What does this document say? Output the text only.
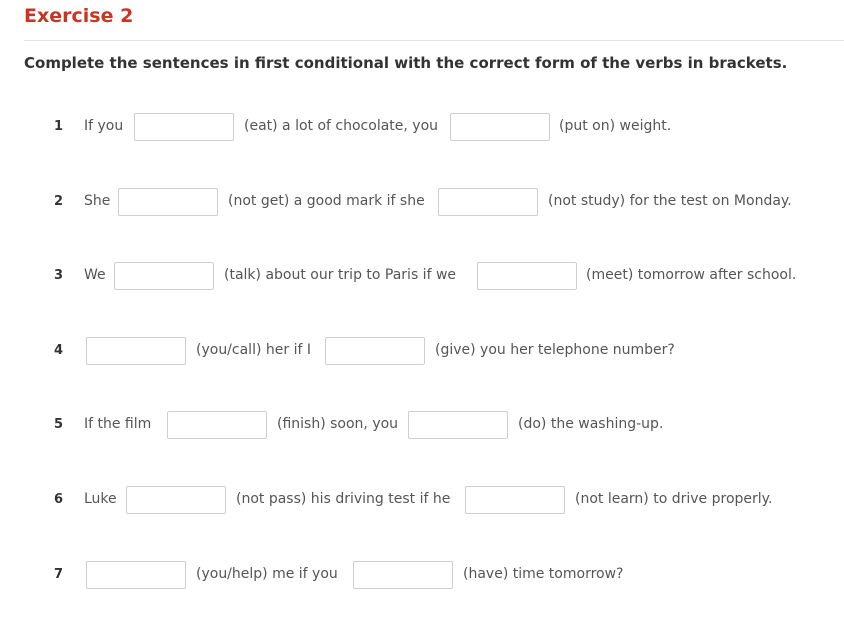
Exercise 2
Complete the sentences in first conditional with the correct form of the verbs in brackets.
1 If you	(eat) a lot of chocolate, you	(put on) weight.
2 She	(not get) a good mark if she	(not study) for the test on Monday.
3 We	(talk) about our trip to Paris if we	(meet) tomorrow after school.
4	(you/call) her if I	(give) you her telephone number?
5 If the film	(finish) soon, you	(do) the washing-up.
6 Luke	(not pass) his driving test if he	(not learn) to drive properly.
7	(you/help) me if you	(have) time tomorrow?
